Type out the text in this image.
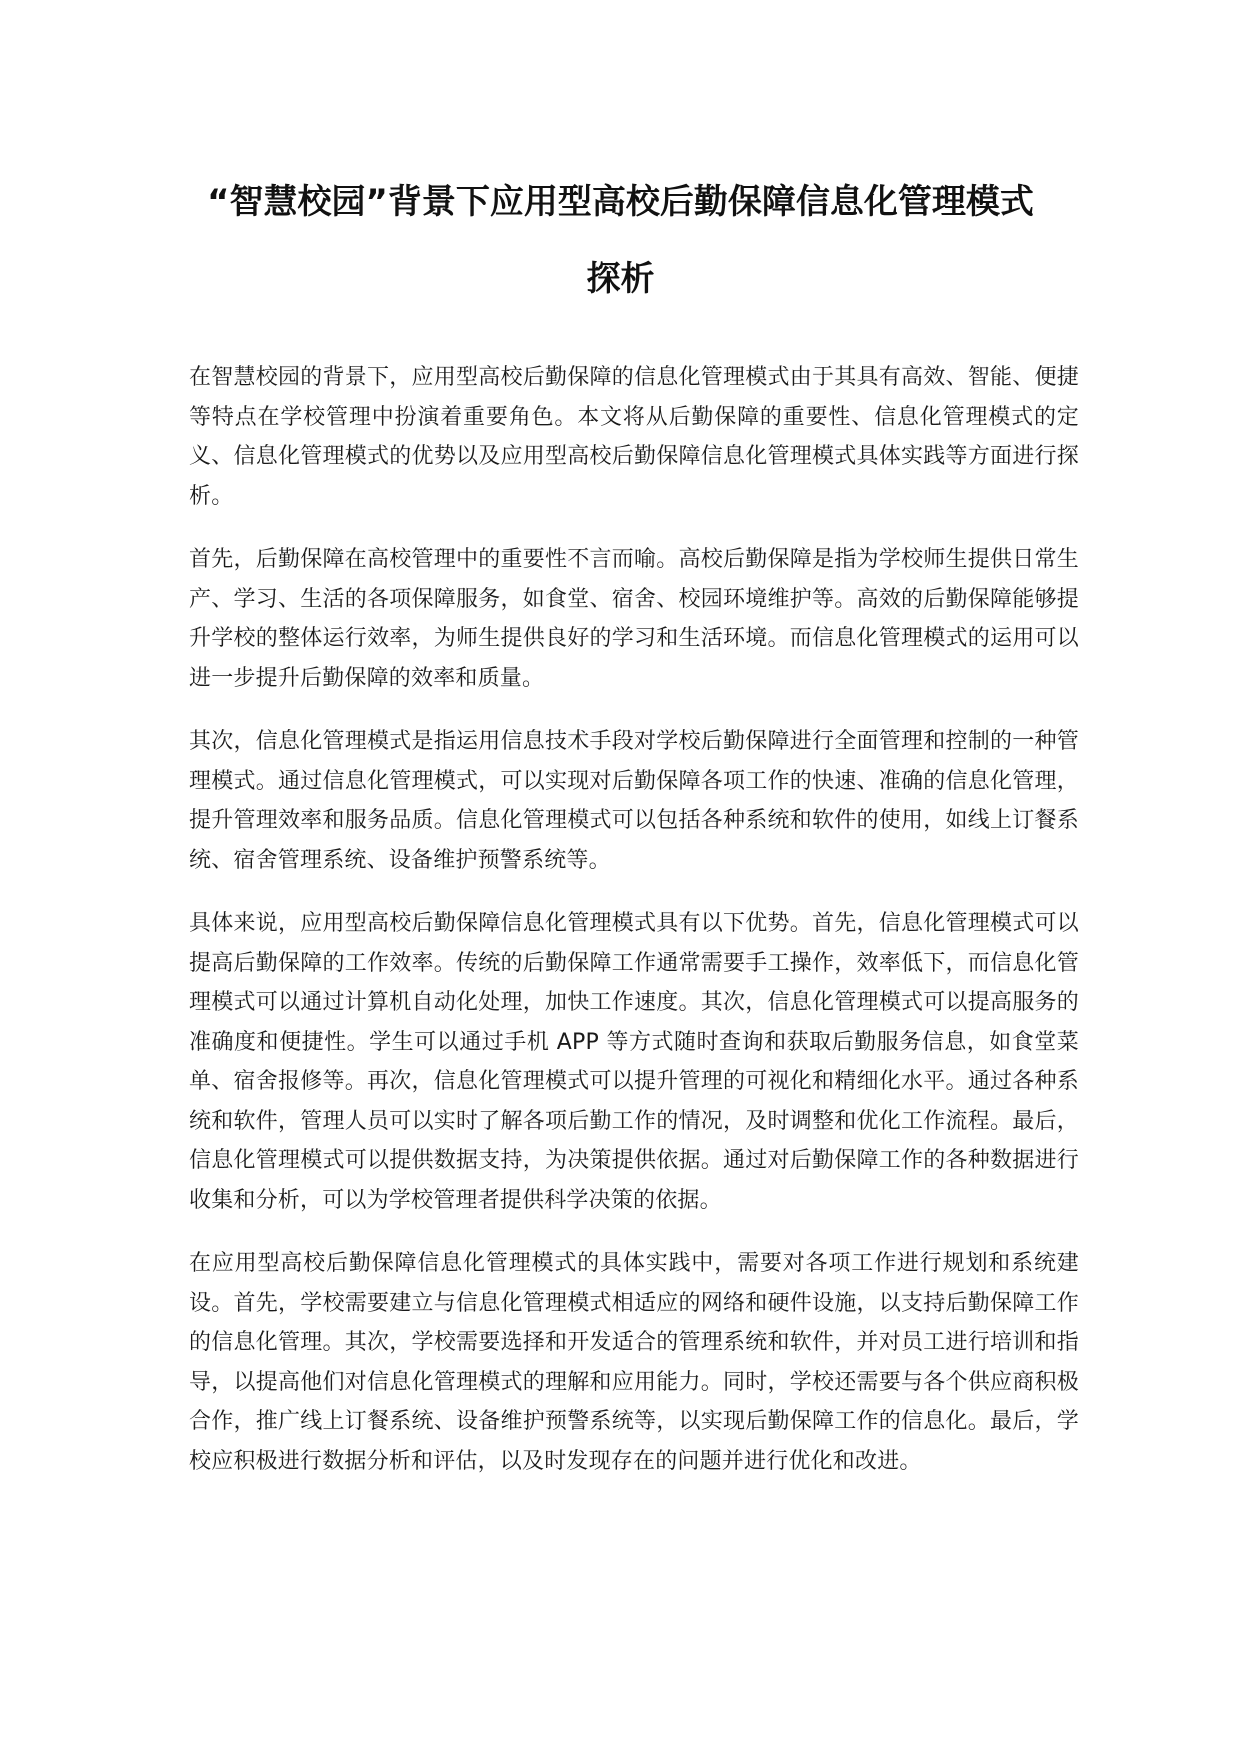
“智慧校园”背景下应用型高校后勤保障信息化管理模式
探析

在智慧校园的背景下，应用型高校后勤保障的信息化管理模式由于其具有高效、智能、便捷等特点在学校管理中扮演着重要角色。本文将从后勤保障的重要性、信息化管理模式的定义、信息化管理模式的优势以及应用型高校后勤保障信息化管理模式具体实践等方面进行探析。

首先，后勤保障在高校管理中的重要性不言而喻。高校后勤保障是指为学校师生提供日常生产、学习、生活的各项保障服务，如食堂、宿舍、校园环境维护等。高效的后勤保障能够提升学校的整体运行效率，为师生提供良好的学习和生活环境。而信息化管理模式的运用可以进一步提升后勤保障的效率和质量。

其次，信息化管理模式是指运用信息技术手段对学校后勤保障进行全面管理和控制的一种管理模式。通过信息化管理模式，可以实现对后勤保障各项工作的快速、准确的信息化管理，提升管理效率和服务品质。信息化管理模式可以包括各种系统和软件的使用，如线上订餐系统、宿舍管理系统、设备维护预警系统等。

具体来说，应用型高校后勤保障信息化管理模式具有以下优势。首先，信息化管理模式可以提高后勤保障的工作效率。传统的后勤保障工作通常需要手工操作，效率低下，而信息化管理模式可以通过计算机自动化处理，加快工作速度。其次，信息化管理模式可以提高服务的准确度和便捷性。学生可以通过手机 APP 等方式随时查询和获取后勤服务信息，如食堂菜单、宿舍报修等。再次，信息化管理模式可以提升管理的可视化和精细化水平。通过各种系统和软件，管理人员可以实时了解各项后勤工作的情况，及时调整和优化工作流程。最后，信息化管理模式可以提供数据支持，为决策提供依据。通过对后勤保障工作的各种数据进行收集和分析，可以为学校管理者提供科学决策的依据。

在应用型高校后勤保障信息化管理模式的具体实践中，需要对各项工作进行规划和系统建设。首先，学校需要建立与信息化管理模式相适应的网络和硬件设施，以支持后勤保障工作的信息化管理。其次，学校需要选择和开发适合的管理系统和软件，并对员工进行培训和指导，以提高他们对信息化管理模式的理解和应用能力。同时，学校还需要与各个供应商积极合作，推广线上订餐系统、设备维护预警系统等，以实现后勤保障工作的信息化。最后，学校应积极进行数据分析和评估，以及时发现存在的问题并进行优化和改进。
